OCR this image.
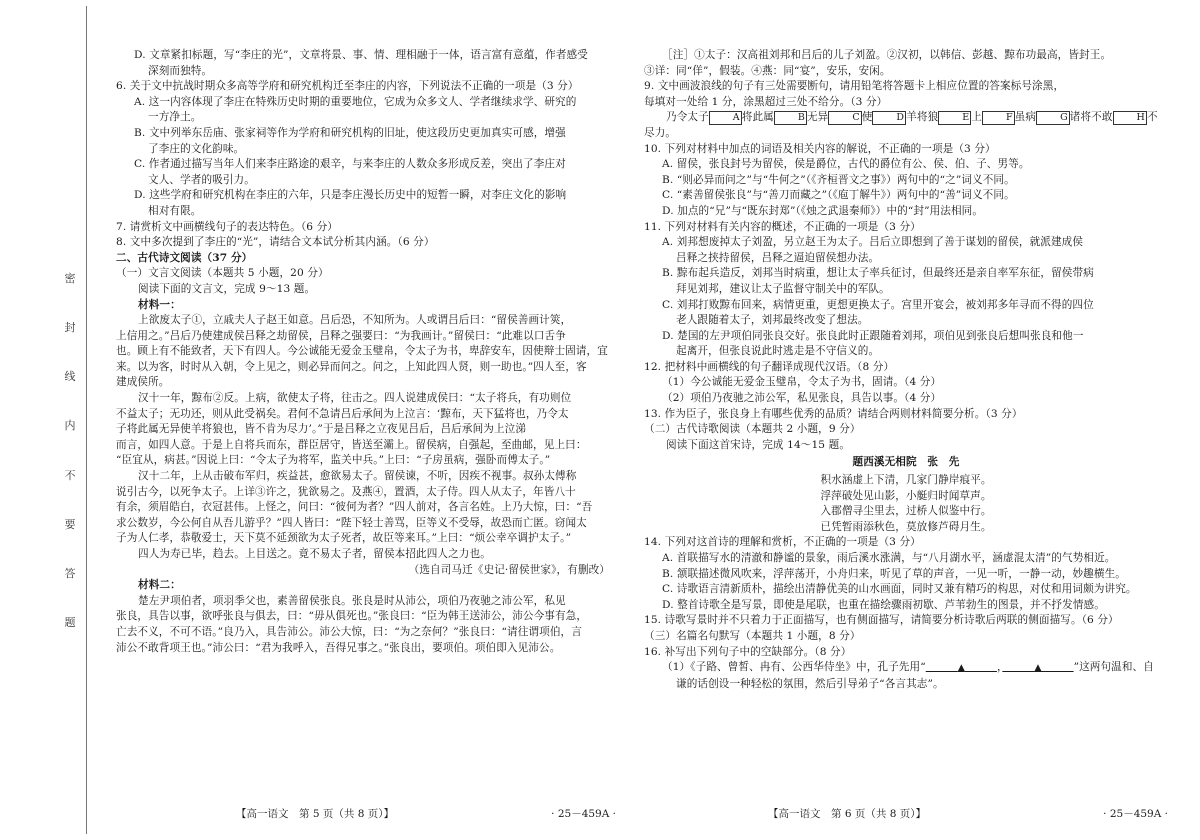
密
封
线
内
不
要
答
题

D. 文章紧扣标题，写“李庄的光”，文章将景、事、情、理相融于一体，语言富有意蕴，作者感受

深刻而独特。

6. 关于文中抗战时期众多高等学府和研究机构迁至李庄的内容，下列说法不正确的一项是（3 分）

A. 这一内容体现了李庄在特殊历史时期的重要地位，它成为众多文人、学者继续求学、研究的

一方净土。

B. 文中列举东岳庙、张家祠等作为学府和研究机构的旧址，使这段历史更加真实可感，增强

了李庄的文化韵味。

C. 作者通过描写当年人们来李庄路途的艰辛，与来李庄的人数众多形成反差，突出了李庄对

文人、学者的吸引力。

D. 这些学府和研究机构在李庄的六年，只是李庄漫长历史中的短暂一瞬，对李庄文化的影响

相对有限。

7. 请赏析文中画横线句子的表达特色。（6 分）

8. 文中多次提到了李庄的“光”，请结合文本试分析其内涵。（6 分）

二、古代诗文阅读（37 分）

（一）文言文阅读（本题共 5 小题，20 分）

阅读下面的文言文，完成 9～13 题。

材料一：

上欲废太子①，立戚夫人子赵王如意。吕后恐，不知所为。人或谓吕后曰：“留侯善画计筴，

上信用之。”吕后乃使建成侯吕释之劫留侯，吕释之强要曰：“为我画计。”留侯曰：“此难以口舌争

也。顾上有不能致者，天下有四人。今公诚能无爱金玉璧帛，令太子为书，卑辞安车，因使辩士固请，宜

来。以为客，时时从入朝，令上见之，则必异而问之。问之，上知此四人贤，则一助也。”四人至，客

建成侯所。

汉十一年，黥布②反。上病，欲使太子将，往击之。四人说建成侯曰：“太子将兵，有功则位

不益太子；无功还，则从此受祸矣。君何不急请吕后承间为上泣言：‘黥布，天下猛将也，乃令太

子将此属无异使羊将狼也，皆不肯为尽力’。”于是吕释之立夜见吕后，吕后承间为上泣涕

而言，如四人意。于是上自将兵而东，群臣居守，皆送至灞上。留侯病，自强起，至曲邮，见上曰：

“臣宜从，病甚。”因说上曰：“令太子为将军，监关中兵。”上曰：“子房虽病，强卧而傅太子。”

汉十二年，上从击破布军归，疾益甚，愈欲易太子。留侯谏，不听，因疾不视事。叔孙太傅称

说引古今，以死争太子。上详③许之，犹欲易之。及燕④，置酒，太子侍。四人从太子，年皆八十

有余，须眉皓白，衣冠甚伟。上怪之，问曰：“彼何为者？”四人前对，各言名姓。上乃大惊，曰：“吾

求公数岁，今公何自从吾儿游乎？”四人皆曰：“陛下轻士善骂，臣等义不受辱，故恐而亡匿。窃闻太

子为人仁孝，恭敬爱士，天下莫不延颈欲为太子死者，故臣等来耳。”上曰：“烦公幸卒调护太子。”

四人为寿已毕，趋去。上目送之。竟不易太子者，留侯本招此四人之力也。

（选自司马迁《史记·留侯世家》，有删改）

材料二：

楚左尹项伯者，项羽季父也，素善留侯张良。张良是时从沛公，项伯乃夜驰之沛公军，私见

张良，具告以事，欲呼张良与俱去，曰：“毋从俱死也。”张良曰：“臣为韩王送沛公，沛公今事有急，

亡去不义，不可不语。”良乃入，具告沛公。沛公大惊，曰：“为之奈何？”张良曰：“请往谓项伯，言

沛公不敢背项王也。”沛公曰：“君为我呼入，吾得兄事之。”张良出，要项伯。项伯即入见沛公。

［注］①太子：汉高祖刘邦和吕后的儿子刘盈。②汉初，以韩信、彭越、黥布功最高，皆封王。

③详：同“佯”，假装。④燕：同“宴”，安乐，安闲。

9. 文中画波浪线的句子有三处需要断句，请用铅笔将答题卡上相应位置的答案标号涂黑，

每填对一处给 1 分，涂黑超过三处不给分。（3 分）

乃令太子	A 将此属	B 无异	C 使	D 羊将狼	E 上	F 虽病	G 诸将不敢	H 不尽力。

10. 下列对材料中加点的词语及相关内容的解说，不正确的一项是（3 分）

A. 留侯，张良封号为留侯，侯是爵位，古代的爵位有公、侯、伯、子、男等。

B. “则必异而问之”与“牛何之”（《齐桓晋文之事》）两句中的“之”词义不同。

C. “素善留侯张良”与“善刀而藏之”（《庖丁解牛》）两句中的“善”词义不同。

D. 加点的“兄”与“既东封郑”（《烛之武退秦师》）中的“封”用法相同。

11. 下列对材料有关内容的概述，不正确的一项是（3 分）

A. 刘邦想废掉太子刘盈，另立赵王为太子。吕后立即想到了善于谋划的留侯，就派建成侯

吕释之挟持留侯，吕释之逼迫留侯想办法。

B. 黥布起兵造反，刘邦当时病重，想让太子率兵征讨，但最终还是亲自率军东征，留侯带病

拜见刘邦，建议让太子监督守制关中的军队。

C. 刘邦打败黥布回来，病情更重，更想更换太子。宫里开宴会，被刘邦多年寻而不得的四位

老人跟随着太子，刘邦最终改变了想法。

D. 楚国的左尹项伯同张良交好。张良此时正跟随着刘邦，项伯见到张良后想叫张良和他一

起离开，但张良说此时逃走是不守信义的。

12. 把材料中画横线的句子翻译成现代汉语。（8 分）

（1）今公诚能无爱金玉璧帛，令太子为书，固请。（4 分）

（2）项伯乃夜驰之沛公军，私见张良，具告以事。（4 分）

13. 作为臣子，张良身上有哪些优秀的品质？请结合两则材料简要分析。（3 分）

（二）古代诗歌阅读（本题共 2 小题，9 分）

阅读下面这首宋诗，完成 14～15 题。

题西溪无相院　张　先

积水涵虚上下清，几家门静岸痕平。

浮萍破处见山影，小艇归时闻草声。

入郡僧寻尘里去，过桥人似鉴中行。

已凭暂雨添秋色，莫放修芦碍月生。

14. 下列对这首诗的理解和赏析，不正确的一项是（3 分）

A. 首联描写水的清澈和静谧的景象，雨后溪水涨满，与“八月湖水平，涵虚混太清”的气势相近。

B. 颔联描述微风吹来，浮萍荡开，小舟归来，听见了草的声音，一见一听，一静一动，妙趣横生。

C. 诗歌语言清新质朴，描绘出清静优美的山水画面，同时又兼有精巧的构思，对仗和用词颇为讲究。

D. 整首诗歌全是写景，即使是尾联，也重在描绘骤雨初歇、芦苇勃生的图景，并不抒发情感。

15. 诗歌写景时并不只着力于正面描写，也有侧面描写，请简要分析诗歌后两联的侧面描写。（6 分）

（三）名篇名句默写（本题共 1 小题，8 分）

16. 补写出下列句子中的空缺部分。（8 分）

（1）《子路、曾皙、冉有、公西华侍坐》中，孔子先用“　　　	▲　　　	，　　　	▲　　　	”这两句温和、自

谦的话创设一种轻松的氛围，然后引导弟子“各言其志”。

【高一语文　第 5 页（共 8 页）】	· 25－459A ·	【高一语文　第 6 页（共 8 页）】	· 25－459A ·
